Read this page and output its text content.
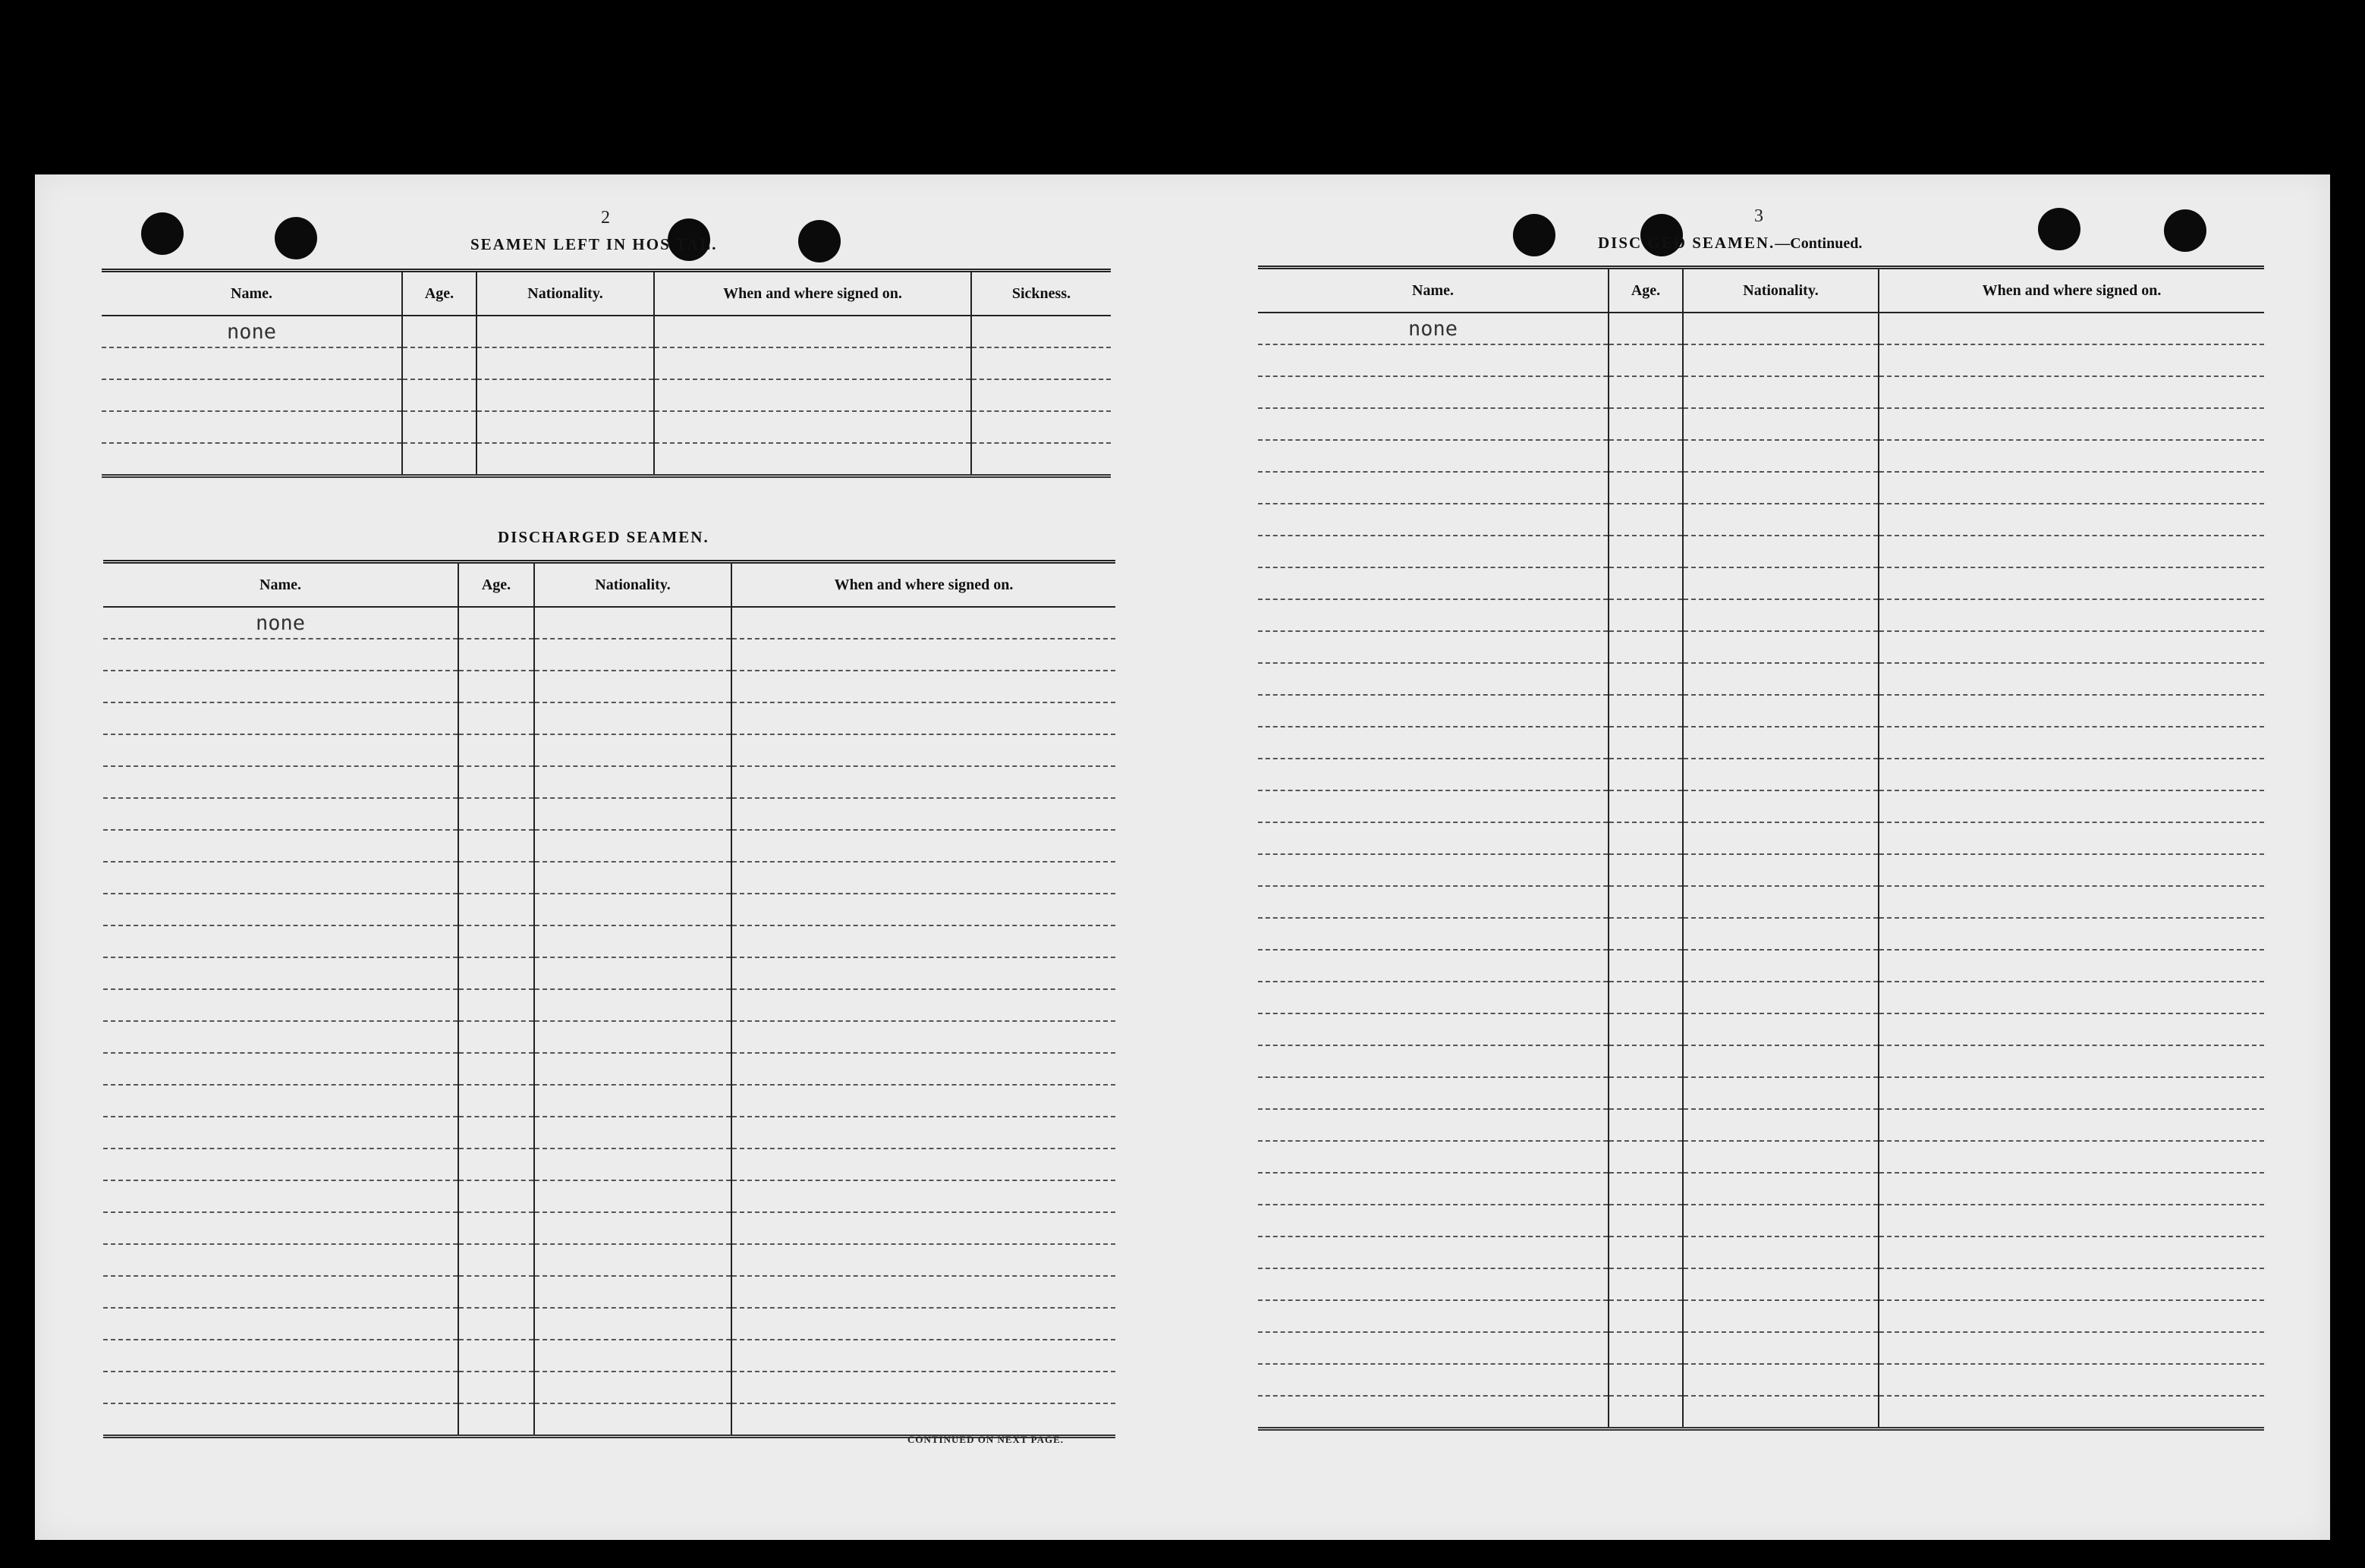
2
SEAMEN LEFT IN HOS TAL.
Name.	Age.	Nationality.	When and where signed on.	Sickness.
none				

DISCHARGED SEAMEN.
Name.	Age.	Nationality.	When and where signed on.
none			

CONTINUED ON NEXT PAGE.
3
DISC GED SEAMEN.—Continued.
Name.	Age.	Nationality.	When and where signed on.
none			
